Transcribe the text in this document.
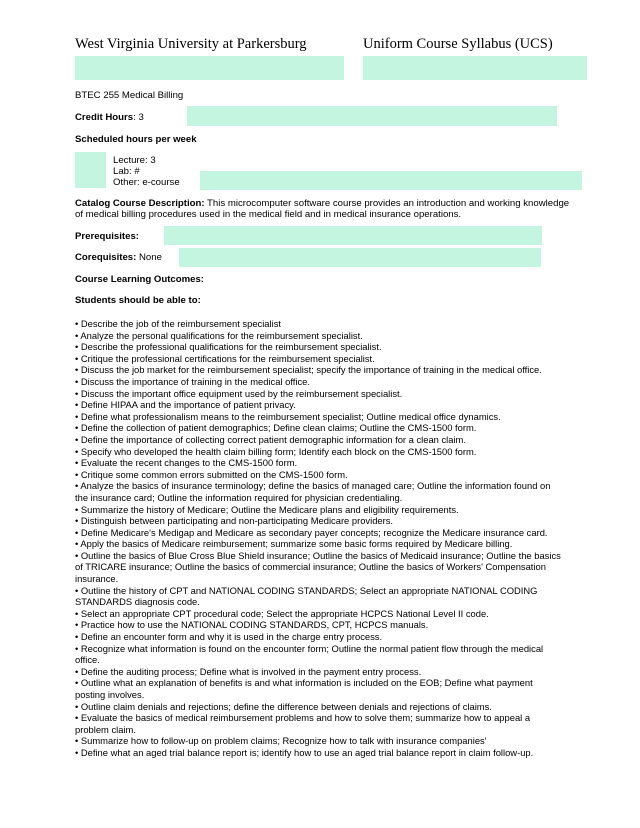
West Virginia University at Parkersburg	Uniform Course Syllabus (UCS)
BTEC 255 Medical Billing
Credit Hours: 3
Scheduled hours per week
Lecture: 3
Lab: #
Other: e-course
Catalog Course Description: This microcomputer software course provides an introduction and working knowledge
of medical billing procedures used in the medical field and in medical insurance operations.
Prerequisites:
Corequisites: None
Course Learning Outcomes:
Students should be able to:
• Describe the job of the reimbursement specialist
• Analyze the personal qualifications for the reimbursement specialist.
• Describe the professional qualifications for the reimbursement specialist.
• Critique the professional certifications for the reimbursement specialist.
• Discuss the job market for the reimbursement specialist; specify the importance of training in the medical office.
• Discuss the importance of training in the medical office.
• Discuss the important office equipment used by the reimbursement specialist.
• Define HIPAA and the importance of patient privacy.
• Define what professionalism means to the reimbursement specialist; Outline medical office dynamics.
• Define the collection of patient demographics; Define clean claims; Outline the CMS-1500 form.
• Define the importance of collecting correct patient demographic information for a clean claim.
• Specify who developed the health claim billing form; Identify each block on the CMS-1500 form.
• Evaluate the recent changes to the CMS-1500 form.
• Critique some common errors submitted on the CMS-1500 form.
• Analyze the basics of insurance terminology; define the basics of managed care; Outline the information found on the insurance card; Outline the information required for physician credentialing.
• Summarize the history of Medicare; Outline the Medicare plans and eligibility requirements.
• Distinguish between participating and non-participating Medicare providers.
• Define Medicare's Medigap and Medicare as secondary payer concepts; recognize the Medicare insurance card.
• Apply the basics of Medicare reimbursement; summarize some basic forms required by Medicare billing.
• Outline the basics of Blue Cross Blue Shield insurance; Outline the basics of Medicaid insurance; Outline the basics of TRICARE insurance; Outline the basics of commercial insurance; Outline the basics of Workers' Compensation insurance.
• Outline the history of CPT and NATIONAL CODING STANDARDS; Select an appropriate NATIONAL CODING STANDARDS diagnosis code.
• Select an appropriate CPT procedural code; Select the appropriate HCPCS National Level II code.
• Practice how to use the NATIONAL CODING STANDARDS, CPT, HCPCS manuals.
• Define an encounter form and why it is used in the charge entry process.
• Recognize what information is found on the encounter form; Outline the normal patient flow through the medical office.
• Define the auditing process; Define what is involved in the payment entry process.
• Outline what an explanation of benefits is and what information is included on the EOB; Define what payment posting involves.
• Outline claim denials and rejections; define the difference between denials and rejections of claims.
• Evaluate the basics of medical reimbursement problems and how to solve them; summarize how to appeal a problem claim.
• Summarize how to follow-up on problem claims; Recognize how to talk with insurance companies'
• Define what an aged trial balance report is; identify how to use an aged trial balance report in claim follow-up.
